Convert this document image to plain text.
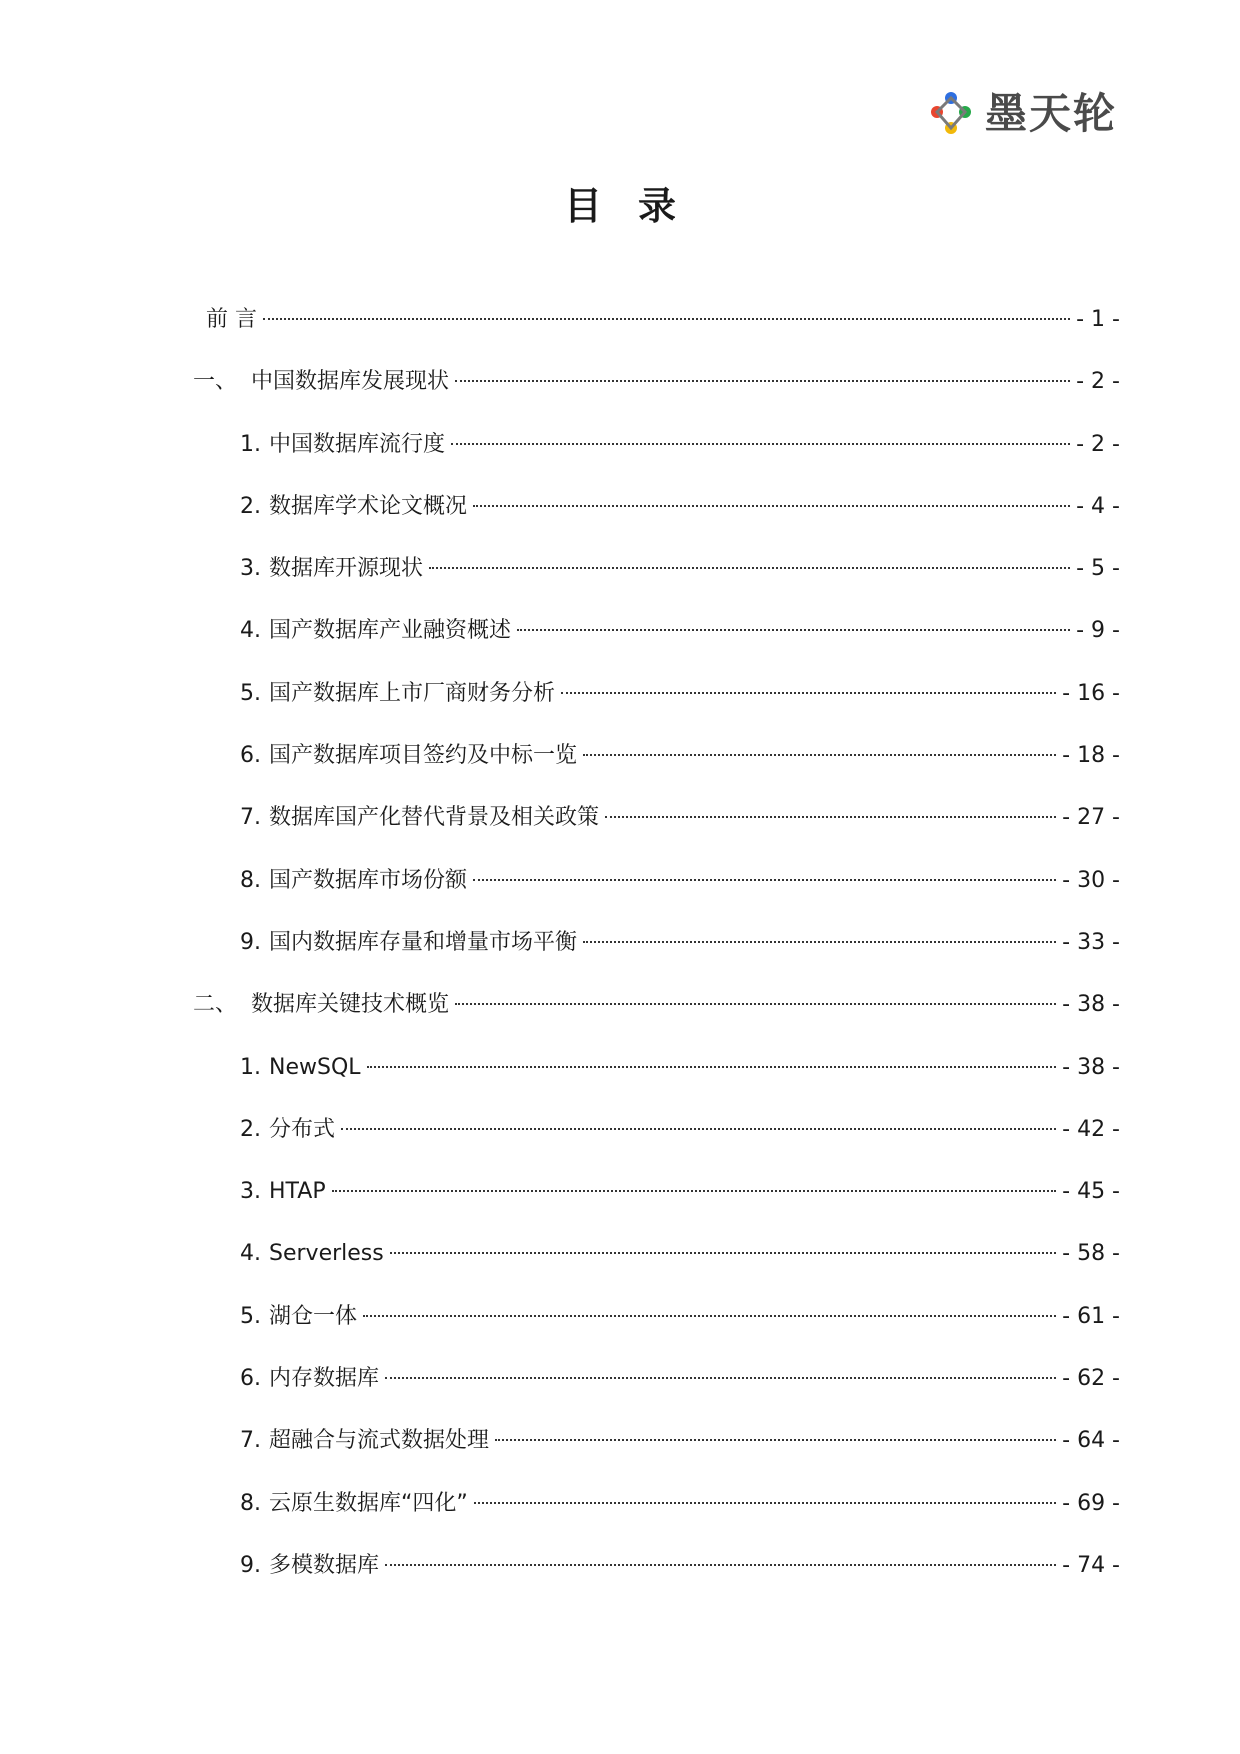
墨天轮
目录
前 言	- 1 -
一、 中国数据库发展现状	- 2 -
1. 中国数据库流行度	- 2 -
2. 数据库学术论文概况	- 4 -
3. 数据库开源现状	- 5 -
4. 国产数据库产业融资概述	- 9 -
5. 国产数据库上市厂商财务分析	- 16 -
6. 国产数据库项目签约及中标一览	- 18 -
7. 数据库国产化替代背景及相关政策	- 27 -
8. 国产数据库市场份额	- 30 -
9. 国内数据库存量和增量市场平衡	- 33 -
二、 数据库关键技术概览	- 38 -
1. NewSQL	- 38 -
2. 分布式	- 42 -
3. HTAP	- 45 -
4. Serverless	- 58 -
5. 湖仓一体	- 61 -
6. 内存数据库	- 62 -
7. 超融合与流式数据处理	- 64 -
8. 云原生数据库“四化”	- 69 -
9. 多模数据库	- 74 -
